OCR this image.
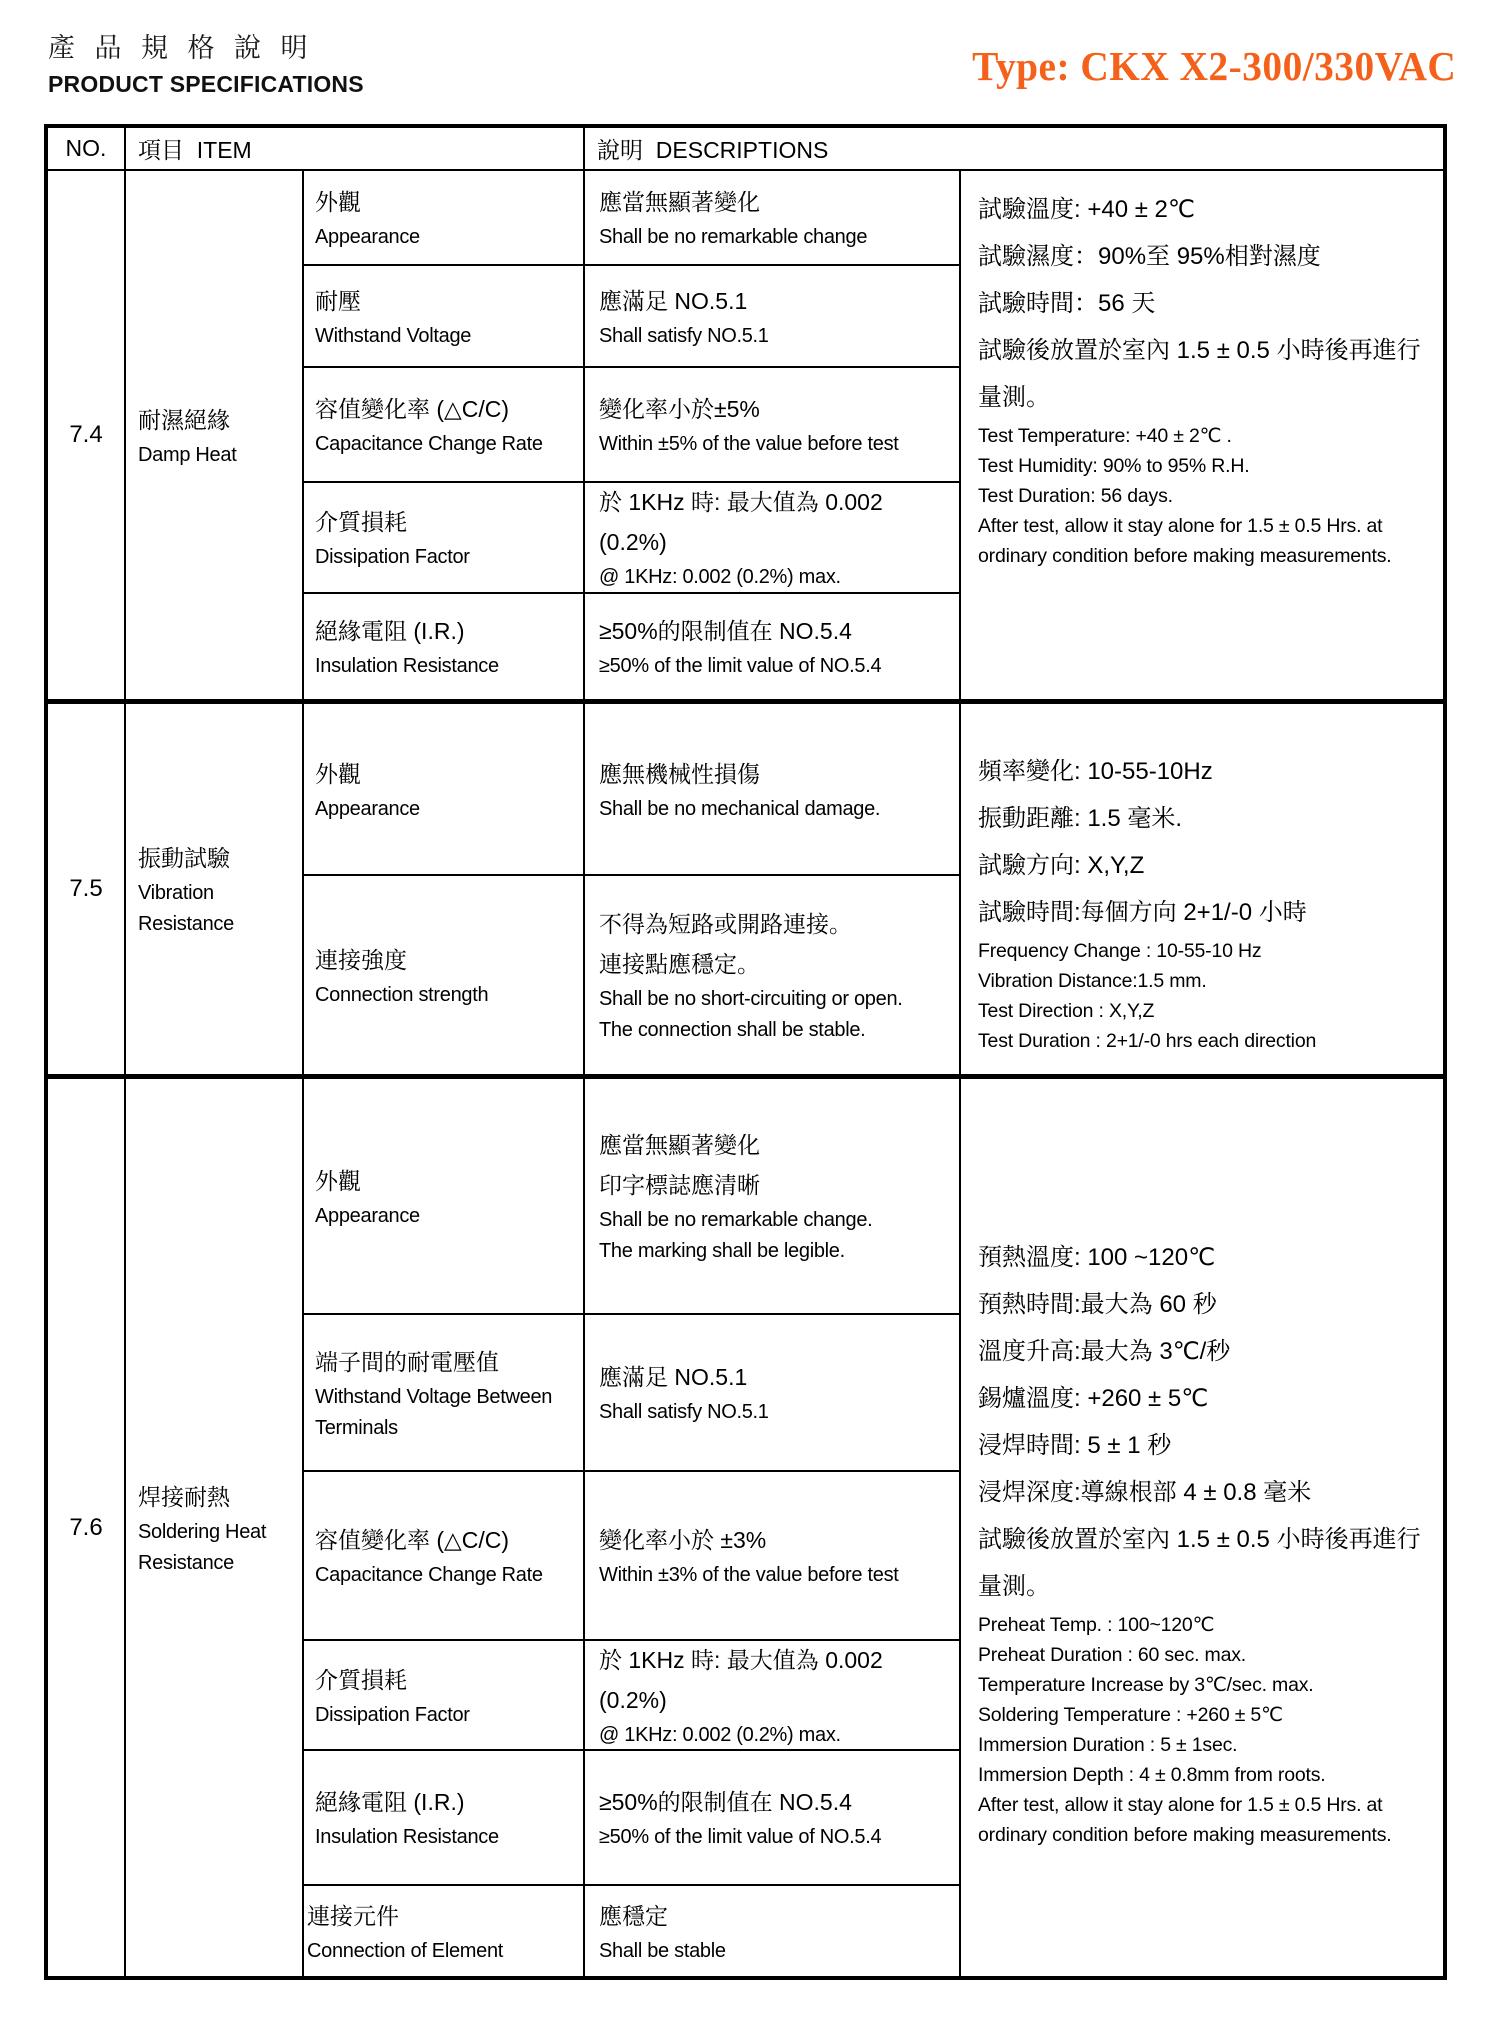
產 品 規 格 說 明
PRODUCT SPECIFICATIONS	Type: CKX X2-300/330VAC
NO. 項目  ITEM	說明  DESCRIPTIONS
7.4
耐濕絕緣
Damp Heat
外觀
Appearance
應當無顯著變化
Shall be no remarkable change
耐壓
Withstand Voltage
應滿足 NO.5.1
Shall satisfy NO.5.1
容值變化率 (△C/C)
Capacitance Change Rate
變化率小於±5%
Within ±5% of the value before test
介質損耗
Dissipation Factor
於 1KHz 時: 最大值為 0.002 (0.2%)
@ 1KHz: 0.002 (0.2%) max.
絕緣電阻 (I.R.)
Insulation Resistance
≥50%的限制值在 NO.5.4
≥50% of the limit value of NO.5.4
試驗溫度: +40 ± 2℃
試驗濕度：90%至 95%相對濕度
試驗時間：56 天
試驗後放置於室內 1.5 ± 0.5 小時後再進行量測。
Test Temperature: +40 ± 2℃ .
Test Humidity: 90% to 95% R.H.
Test Duration: 56 days.
After test, allow it stay alone for 1.5 ± 0.5 Hrs. at ordinary condition before making measurements.
7.5
振動試驗
Vibration Resistance
外觀
Appearance
應無機械性損傷
Shall be no mechanical damage.
連接強度
Connection strength
不得為短路或開路連接。
連接點應穩定。
Shall be no short-circuiting or open.
The connection shall be stable.
頻率變化: 10-55-10Hz
振動距離: 1.5 毫米.
試驗方向: X,Y,Z
試驗時間:每個方向 2+1/-0 小時
Frequency Change : 10-55-10 Hz
Vibration Distance:1.5 mm.
Test Direction : X,Y,Z
Test Duration : 2+1/-0 hrs each direction
7.6
焊接耐熱
Soldering Heat Resistance
外觀
Appearance
應當無顯著變化
印字標誌應清晰
Shall be no remarkable change.
The marking shall be legible.
端子間的耐電壓值
Withstand Voltage Between Terminals
應滿足 NO.5.1
Shall satisfy NO.5.1
容值變化率 (△C/C)
Capacitance Change Rate
變化率小於 ±3%
Within ±3% of the value before test
介質損耗
Dissipation Factor
於 1KHz 時: 最大值為 0.002 (0.2%)
@ 1KHz: 0.002 (0.2%) max.
絕緣電阻 (I.R.)
Insulation Resistance
≥50%的限制值在 NO.5.4
≥50% of the limit value of NO.5.4
連接元件
Connection of Element
應穩定
Shall be stable
預熱溫度: 100 ~120℃
預熱時間:最大為 60 秒
溫度升高:最大為 3℃/秒
錫爐溫度: +260 ± 5℃
浸焊時間: 5 ± 1 秒
浸焊深度:導線根部 4 ± 0.8 毫米
試驗後放置於室內 1.5 ± 0.5 小時後再進行量測。
Preheat Temp. : 100~120℃
Preheat Duration : 60 sec. max.
Temperature Increase by 3℃/sec. max.
Soldering Temperature : +260 ± 5℃
Immersion Duration : 5 ± 1sec.
Immersion Depth : 4 ± 0.8mm from roots.
After test, allow it stay alone for 1.5 ± 0.5 Hrs. at ordinary condition before making measurements.
